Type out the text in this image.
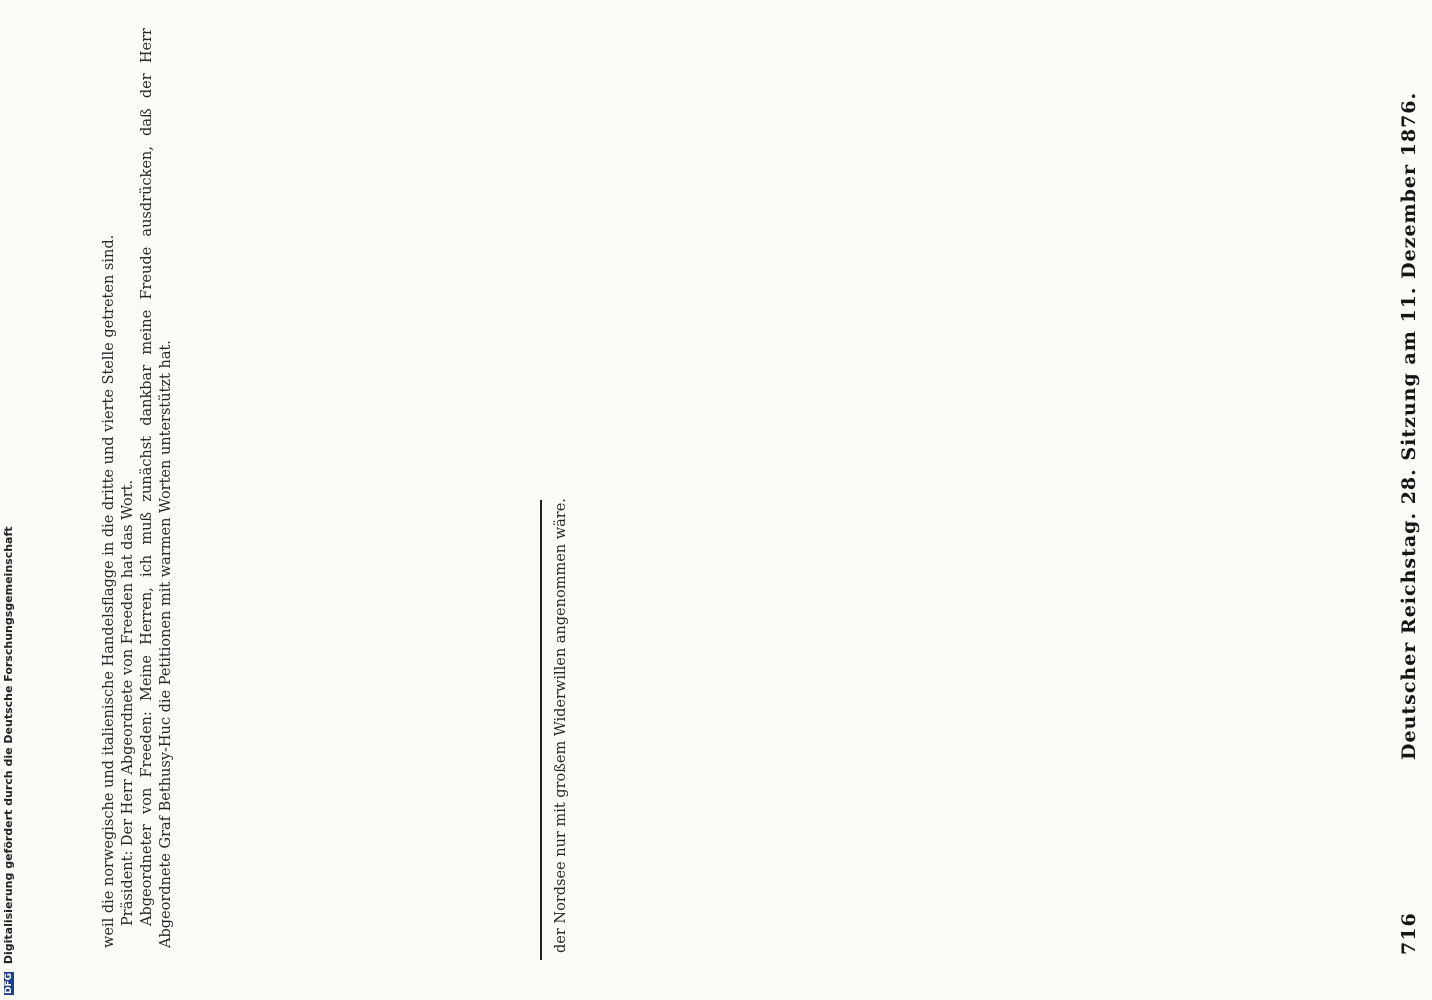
716                    Deutscher Reichstag. 28. Sitzung am 11. Dezember 1876.

der Nordsee nur mit großem Widerwillen angenommen wäre.

weil die norwegische und italienische Handelsflagge in die dritte und vierte Stelle getreten sind. Präsident: Der Herr Abgeordnete von Freeden hat das Wort. Abgeordneter von Freeden: Meine Herren, ich muß zunächst dankbar meine Freude ausdrücken, daß der Herr Abgeordnete Graf Bethusy-Huc die Petitionen mit warmen Worten unterstützt hat.

DFG Digitalisierung gefördert durch die Deutsche Forschungsgemeinschaft
